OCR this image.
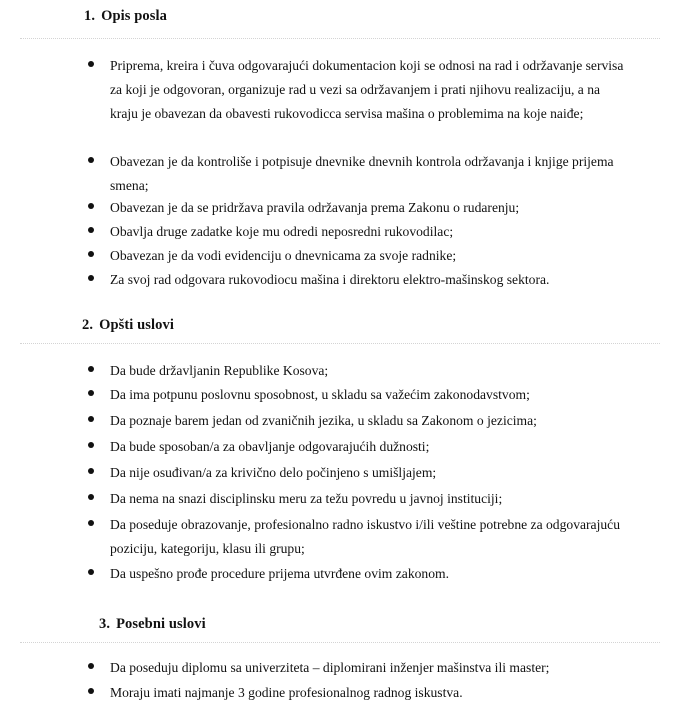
1. Opis posla
Priprema, kreira i čuva odgovarajući dokumentacion koji se odnosi na rad i održavanje servisa za koji je odgovoran, organizuje rad u vezi sa održavanjem i prati njihovu realizaciju, a na kraju je obavezan da obavesti rukovodicca servisa mašina o problemima na koje naiđe;
Obavezan je da kontroliše i potpisuje dnevnike dnevnih kontrola održavanja i knjige prijema smena;
Obavezan je da se pridržava pravila održavanja prema Zakonu o rudarenju;
Obavlja druge zadatke koje mu odredi neposredni rukovodilac;
Obavezan je da vodi evidenciju o dnevnicama za svoje radnike;
Za svoj rad odgovara rukovodiocu mašina i direktoru elektro-mašinskog sektora.
2. Opšti uslovi
Da bude državljanin Republike Kosova;
Da ima potpunu poslovnu sposobnost, u skladu sa važećim zakonodavstvom;
Da poznaje barem jedan od zvaničnih jezika, u skladu sa Zakonom o jezicima;
Da bude sposoban/a za obavljanje odgovarajućih dužnosti;
Da nije osuđivan/a za krivično delo počinjeno s umišljajem;
Da nema na snazi disciplinsku meru za težu povredu u javnoj instituciji;
Da poseduje obrazovanje, profesionalno radno iskustvo i/ili veštine potrebne za odgovarajuću poziciju, kategoriju, klasu ili grupu;
Da uspešno prođe procedure prijema utvrđene ovim zakonom.
3. Posebni uslovi
Da poseduju diplomu sa univerziteta – diplomirani inženjer mašinstva ili master;
Moraju imati najmanje 3 godine profesionalnog radnog iskustva.
